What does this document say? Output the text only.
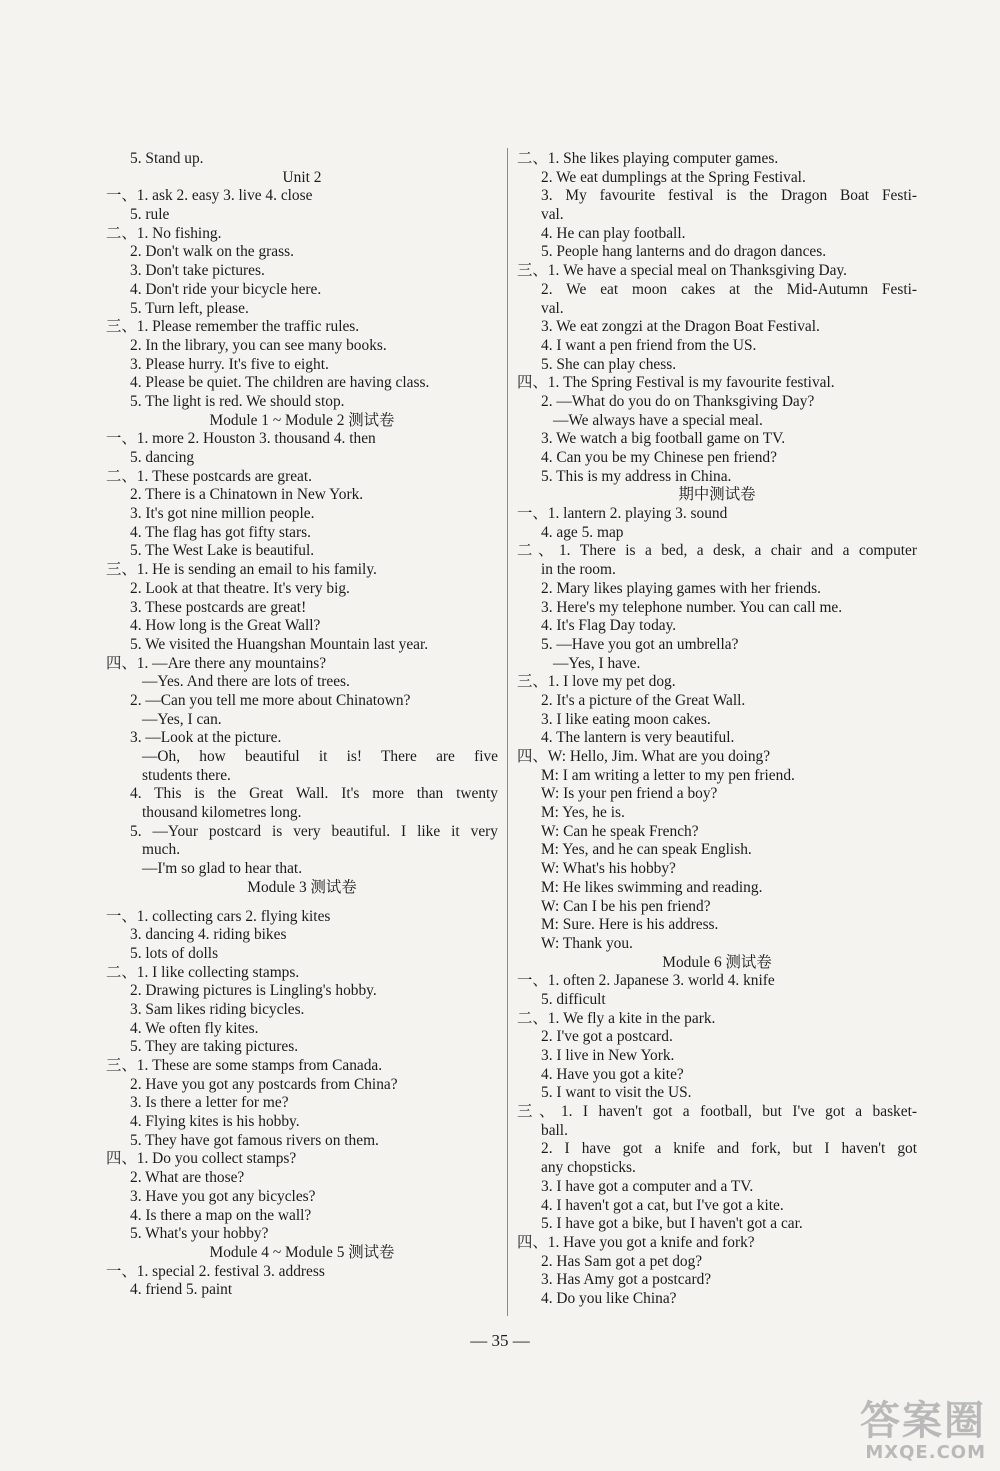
5. Stand up.
Unit 2
一、1. ask 2. easy 3. live 4. close
5. rule
二、1. No fishing.
2. Don't walk on the grass.
3. Don't take pictures.
4. Don't ride your bicycle here.
5. Turn left, please.
三、1. Please remember the traffic rules.
2. In the library, you can see many books.
3. Please hurry. It's five to eight.
4. Please be quiet. The children are having class.
5. The light is red. We should stop.
Module 1 ~ Module 2 测试卷
一、1. more 2. Houston 3. thousand 4. then
5. dancing
二、1. These postcards are great.
2. There is a Chinatown in New York.
3. It's got nine million people.
4. The flag has got fifty stars.
5. The West Lake is beautiful.
三、1. He is sending an email to his family.
2. Look at that theatre. It's very big.
3. These postcards are great!
4. How long is the Great Wall?
5. We visited the Huangshan Mountain last year.
四、1. —Are there any mountains?
—Yes. And there are lots of trees.
2. —Can you tell me more about Chinatown?
—Yes, I can.
3. —Look at the picture.
—Oh, how beautiful it is! There are five
students there.
4. This is the Great Wall. It's more than twenty
thousand kilometres long.
5. —Your postcard is very beautiful. I like it very
much.
—I'm so glad to hear that.
Module 3 测试卷
一、1. collecting cars 2. flying kites
3. dancing 4. riding bikes
5. lots of dolls
二、1. I like collecting stamps.
2. Drawing pictures is Lingling's hobby.
3. Sam likes riding bicycles.
4. We often fly kites.
5. They are taking pictures.
三、1. These are some stamps from Canada.
2. Have you got any postcards from China?
3. Is there a letter for me?
4. Flying kites is his hobby.
5. They have got famous rivers on them.
四、1. Do you collect stamps?
2. What are those?
3. Have you got any bicycles?
4. Is there a map on the wall?
5. What's your hobby?
Module 4 ~ Module 5 测试卷
一、1. special 2. festival 3. address
4. friend 5. paint
二、1. She likes playing computer games.
2. We eat dumplings at the Spring Festival.
3. My favourite festival is the Dragon Boat Festi-
val.
4. He can play football.
5. People hang lanterns and do dragon dances.
三、1. We have a special meal on Thanksgiving Day.
2. We eat moon cakes at the Mid-Autumn Festi-
val.
3. We eat zongzi at the Dragon Boat Festival.
4. I want a pen friend from the US.
5. She can play chess.
四、1. The Spring Festival is my favourite festival.
2. —What do you do on Thanksgiving Day?
—We always have a special meal.
3. We watch a big football game on TV.
4. Can you be my Chinese pen friend?
5. This is my address in China.
期中测试卷
一、1. lantern 2. playing 3. sound
4. age 5. map
二、1. There is a bed, a desk, a chair and a computer
in the room.
2. Mary likes playing games with her friends.
3. Here's my telephone number. You can call me.
4. It's Flag Day today.
5. —Have you got an umbrella?
—Yes, I have.
三、1. I love my pet dog.
2. It's a picture of the Great Wall.
3. I like eating moon cakes.
4. The lantern is very beautiful.
四、W: Hello, Jim. What are you doing?
M: I am writing a letter to my pen friend.
W: Is your pen friend a boy?
M: Yes, he is.
W: Can he speak French?
M: Yes, and he can speak English.
W: What's his hobby?
M: He likes swimming and reading.
W: Can I be his pen friend?
M: Sure. Here is his address.
W: Thank you.
Module 6 测试卷
一、1. often 2. Japanese 3. world 4. knife
5. difficult
二、1. We fly a kite in the park.
2. I've got a postcard.
3. I live in New York.
4. Have you got a kite?
5. I want to visit the US.
三、1. I haven't got a football, but I've got a basket-
ball.
2. I have got a knife and fork, but I haven't got
any chopsticks.
3. I have got a computer and a TV.
4. I haven't got a cat, but I've got a kite.
5. I have got a bike, but I haven't got a car.
四、1. Have you got a knife and fork?
2. Has Sam got a pet dog?
3. Has Amy got a postcard?
4. Do you like China?
— 35 —
答案圈
MXQE.COM
